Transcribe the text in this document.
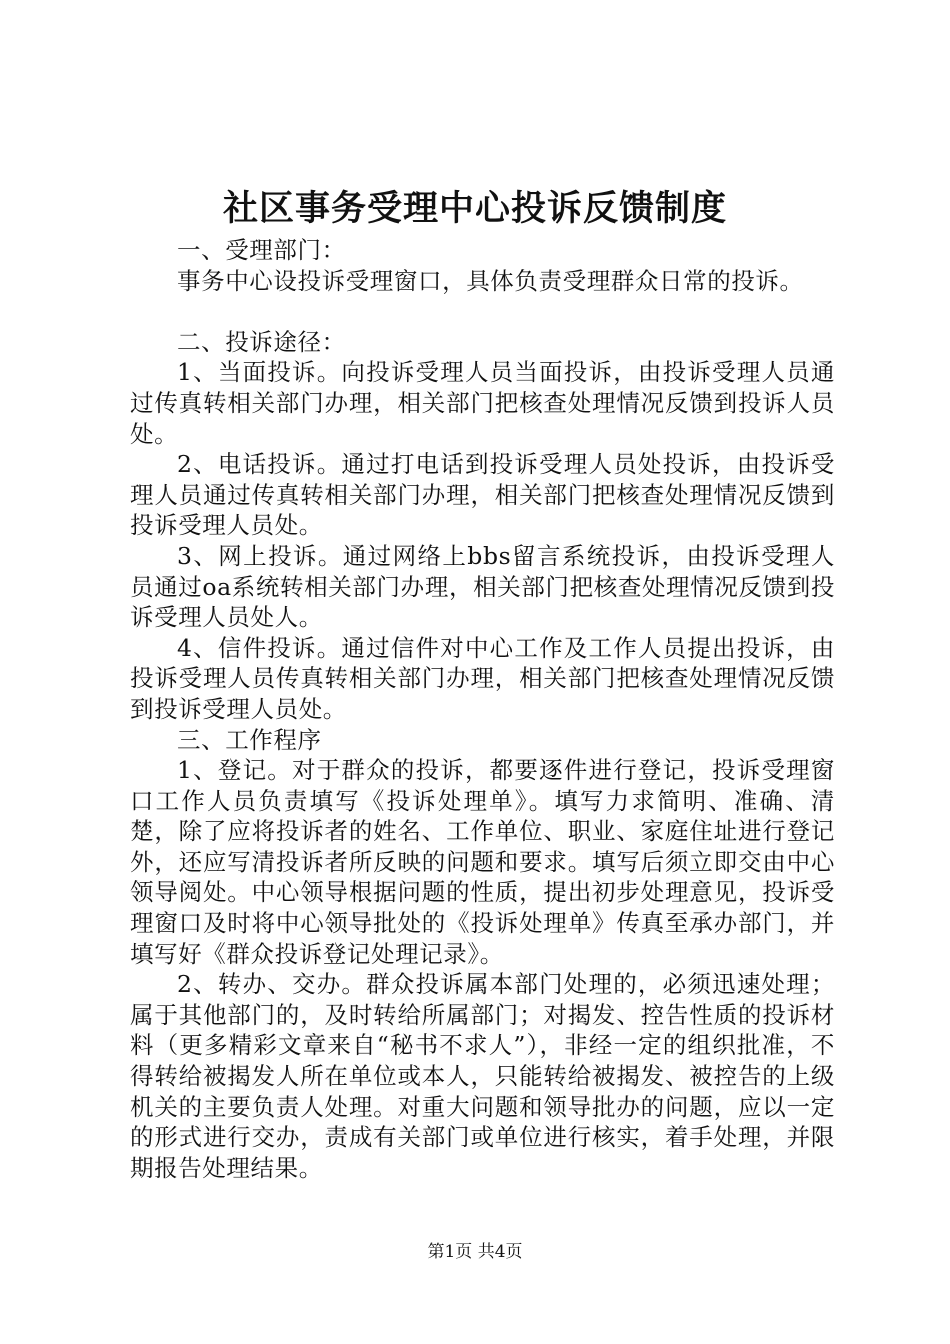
社区事务受理中心投诉反馈制度

一、受理部门：

事务中心设投诉受理窗口，具体负责受理群众日常的投诉。

二、投诉途径：

1、当面投诉。向投诉受理人员当面投诉，由投诉受理人员通过传真转相关部门办理，相关部门把核查处理情况反馈到投诉人员处。

2、电话投诉。通过打电话到投诉受理人员处投诉，由投诉受理人员通过传真转相关部门办理，相关部门把核查处理情况反馈到投诉受理人员处。

3、网上投诉。通过网络上bbs留言系统投诉，由投诉受理人员通过oa系统转相关部门办理，相关部门把核查处理情况反馈到投诉受理人员处人。

4、信件投诉。通过信件对中心工作及工作人员提出投诉，由投诉受理人员传真转相关部门办理，相关部门把核查处理情况反馈到投诉受理人员处。

三、工作程序

1、登记。对于群众的投诉，都要逐件进行登记，投诉受理窗口工作人员负责填写《投诉处理单》。填写力求简明、准确、清楚，除了应将投诉者的姓名、工作单位、职业、家庭住址进行登记外，还应写清投诉者所反映的问题和要求。填写后须立即交由中心领导阅处。中心领导根据问题的性质，提出初步处理意见，投诉受理窗口及时将中心领导批处的《投诉处理单》传真至承办部门，并填写好《群众投诉登记处理记录》。

2、转办、交办。群众投诉属本部门处理的，必须迅速处理；属于其他部门的，及时转给所属部门；对揭发、控告性质的投诉材料（更多精彩文章来自“秘书不求人”），非经一定的组织批准，不得转给被揭发人所在单位或本人，只能转给被揭发、被控告的上级机关的主要负责人处理。对重大问题和领导批办的问题，应以一定的形式进行交办，责成有关部门或单位进行核实，着手处理，并限期报告处理结果。

第1页 共4页
